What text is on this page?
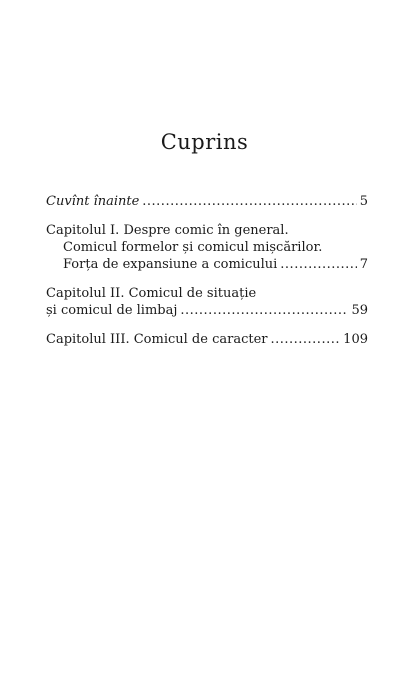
Cuprins
Cuvînt înainte .....	5
Capitolul I. Despre comic în general.
Comicul formelor și comicul mișcărilor.
Forța de expansiune a comicului .....	7
Capitolul II. Comicul de situație
și comicul de limbaj .....	59
Capitolul III. Comicul de caracter .....	109
